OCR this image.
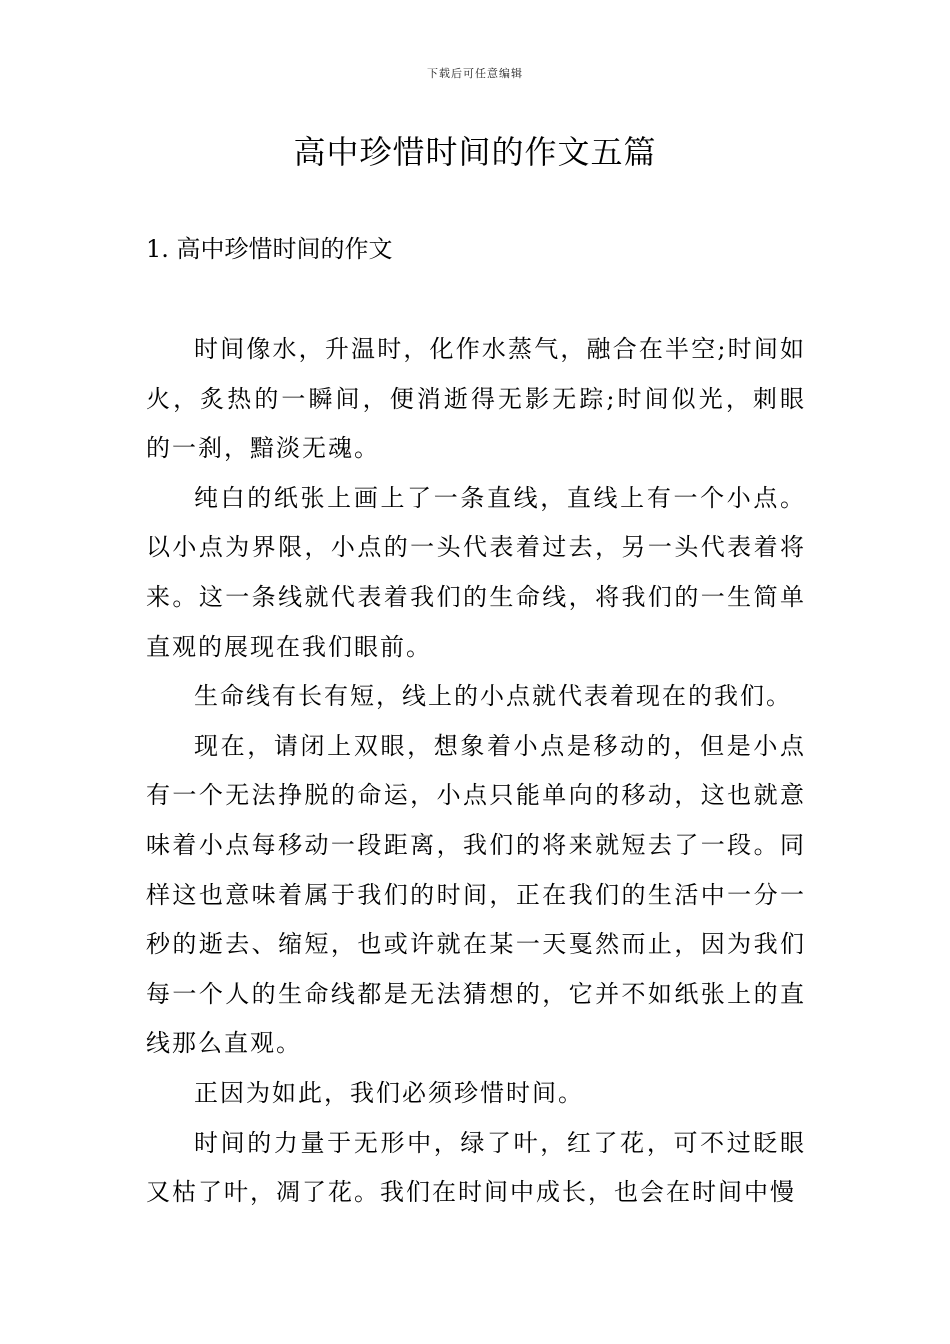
下载后可任意编辑
高中珍惜时间的作文五篇
1. 高中珍惜时间的作文

时间像水，升温时，化作水蒸气，融合在半空;时间如火，炙热的一瞬间，便消逝得无影无踪;时间似光，刺眼的一刹，黯淡无魂。

纯白的纸张上画上了一条直线，直线上有一个小点。以小点为界限，小点的一头代表着过去，另一头代表着将来。这一条线就代表着我们的生命线，将我们的一生简单直观的展现在我们眼前。

生命线有长有短，线上的小点就代表着现在的我们。

现在，请闭上双眼，想象着小点是移动的，但是小点有一个无法挣脱的命运，小点只能单向的移动，这也就意味着小点每移动一段距离，我们的将来就短去了一段。同样这也意味着属于我们的时间，正在我们的生活中一分一秒的逝去、缩短，也或许就在某一天戛然而止，因为我们每一个人的生命线都是无法猜想的，它并不如纸张上的直线那么直观。

正因为如此，我们必须珍惜时间。

时间的力量于无形中，绿了叶，红了花，可不过眨眼又枯了叶，凋了花。我们在时间中成长，也会在时间中慢
